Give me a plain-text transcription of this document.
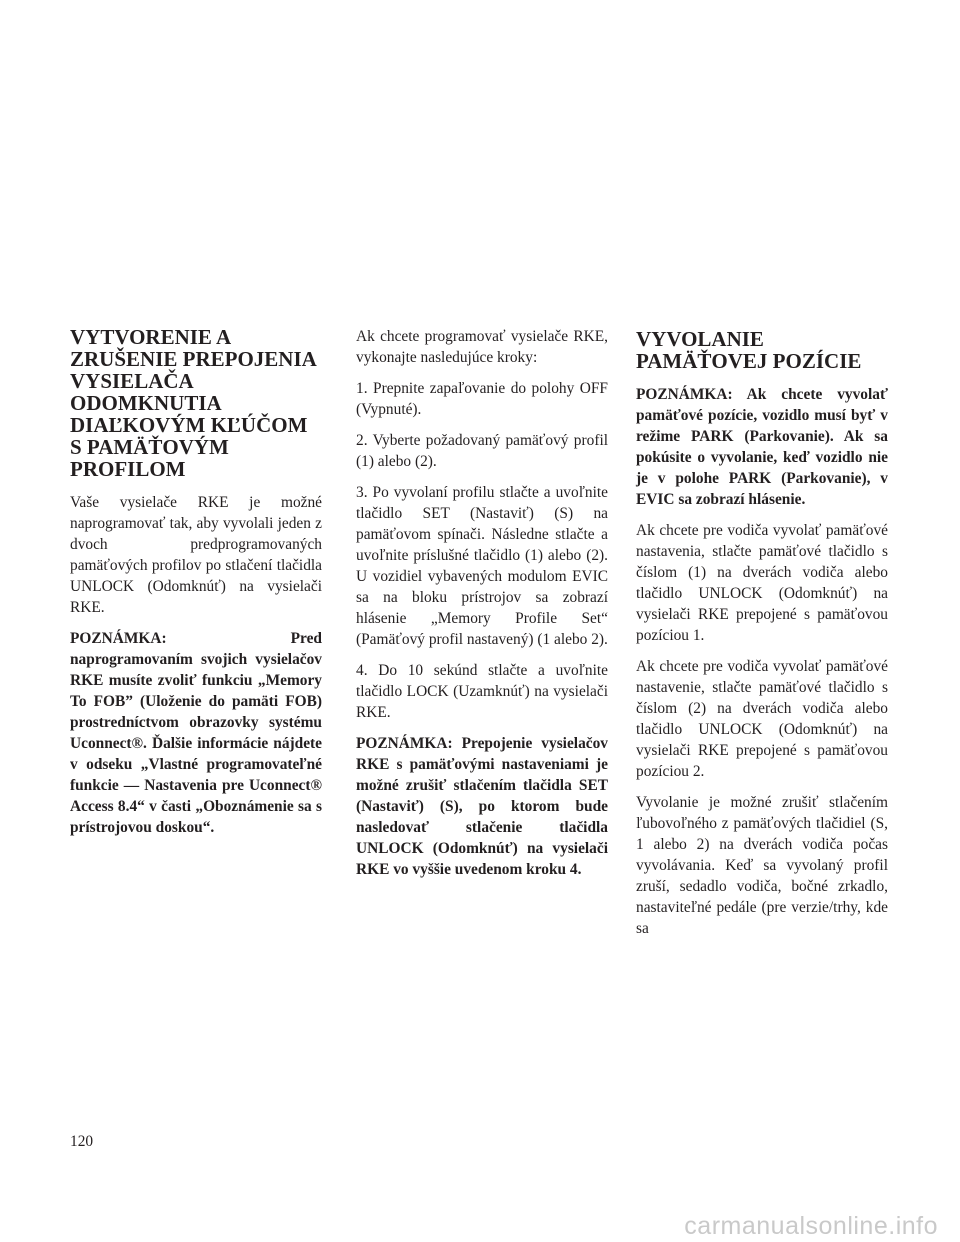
VYTVORENIE A ZRUŠENIE PREPOJENIA VYSIELAČA ODOMKNUTIA DIAĽKOVÝM KĽÚČOM S PAMÄŤOVÝM PROFILOM

Vaše vysielače RKE je možné naprogramovať tak, aby vyvolali jeden z dvoch predprogramovaných pamäťových profilov po stlačení tlačidla UNLOCK (Odomknúť) na vysielači RKE.

POZNÁMKA: Pred naprogramovaním svojich vysielačov RKE musíte zvoliť funkciu „Memory To FOB” (Uloženie do pamäti FOB) prostredníctvom obrazovky systému Uconnect®. Ďalšie informácie nájdete v odseku „Vlastné programovateľné funkcie — Nastavenia pre Uconnect® Access 8.4“ v časti „Oboznámenie sa s prístrojovou doskou“.

Ak chcete programovať vysielače RKE, vykonajte nasledujúce kroky:

1. Prepnite zapaľovanie do polohy OFF (Vypnuté).

2. Vyberte požadovaný pamäťový profil (1) alebo (2).

3. Po vyvolaní profilu stlačte a uvoľnite tlačidlo SET (Nastaviť) (S) na pamäťovom spínači. Následne stlačte a uvoľnite príslušné tlačidlo (1) alebo (2). U vozidiel vybavených modulom EVIC sa na bloku prístrojov sa zobrazí hlásenie „Memory Profile Set“ (Pamäťový profil nastavený) (1 alebo 2).

4. Do 10 sekúnd stlačte a uvoľnite tlačidlo LOCK (Uzamknúť) na vysielači RKE.

POZNÁMKA: Prepojenie vysielačov RKE s pamäťovými nastaveniami je možné zrušiť stlačením tlačidla SET (Nastaviť) (S), po ktorom bude nasledovať stlačenie tlačidla UNLOCK (Odomknúť) na vysielači RKE vo vyššie uvedenom kroku 4.

VYVOLANIE PAMÄŤOVEJ POZÍCIE

POZNÁMKA: Ak chcete vyvolať pamäťové pozície, vozidlo musí byť v režime PARK (Parkovanie). Ak sa pokúsite o vyvolanie, keď vozidlo nie je v polohe PARK (Parkovanie), v EVIC sa zobrazí hlásenie.

Ak chcete pre vodiča vyvolať pamäťové nastavenia, stlačte pamäťové tlačidlo s číslom (1) na dverách vodiča alebo tlačidlo UNLOCK (Odomknúť) na vysielači RKE prepojené s pamäťovou pozíciou 1.

Ak chcete pre vodiča vyvolať pamäťové nastavenie, stlačte pamäťové tlačidlo s číslom (2) na dverách vodiča alebo tlačidlo UNLOCK (Odomknúť) na vysielači RKE prepojené s pamäťovou pozíciou 2.

Vyvolanie je možné zrušiť stlačením ľubovoľného z pamäťových tlačidiel (S, 1 alebo 2) na dverách vodiča počas vyvolávania. Keď sa vyvolaný profil zruší, sedadlo vodiča, bočné zrkadlo, nastaviteľné pedále (pre verzie/trhy, kde sa

120
carmanualsonline.info
